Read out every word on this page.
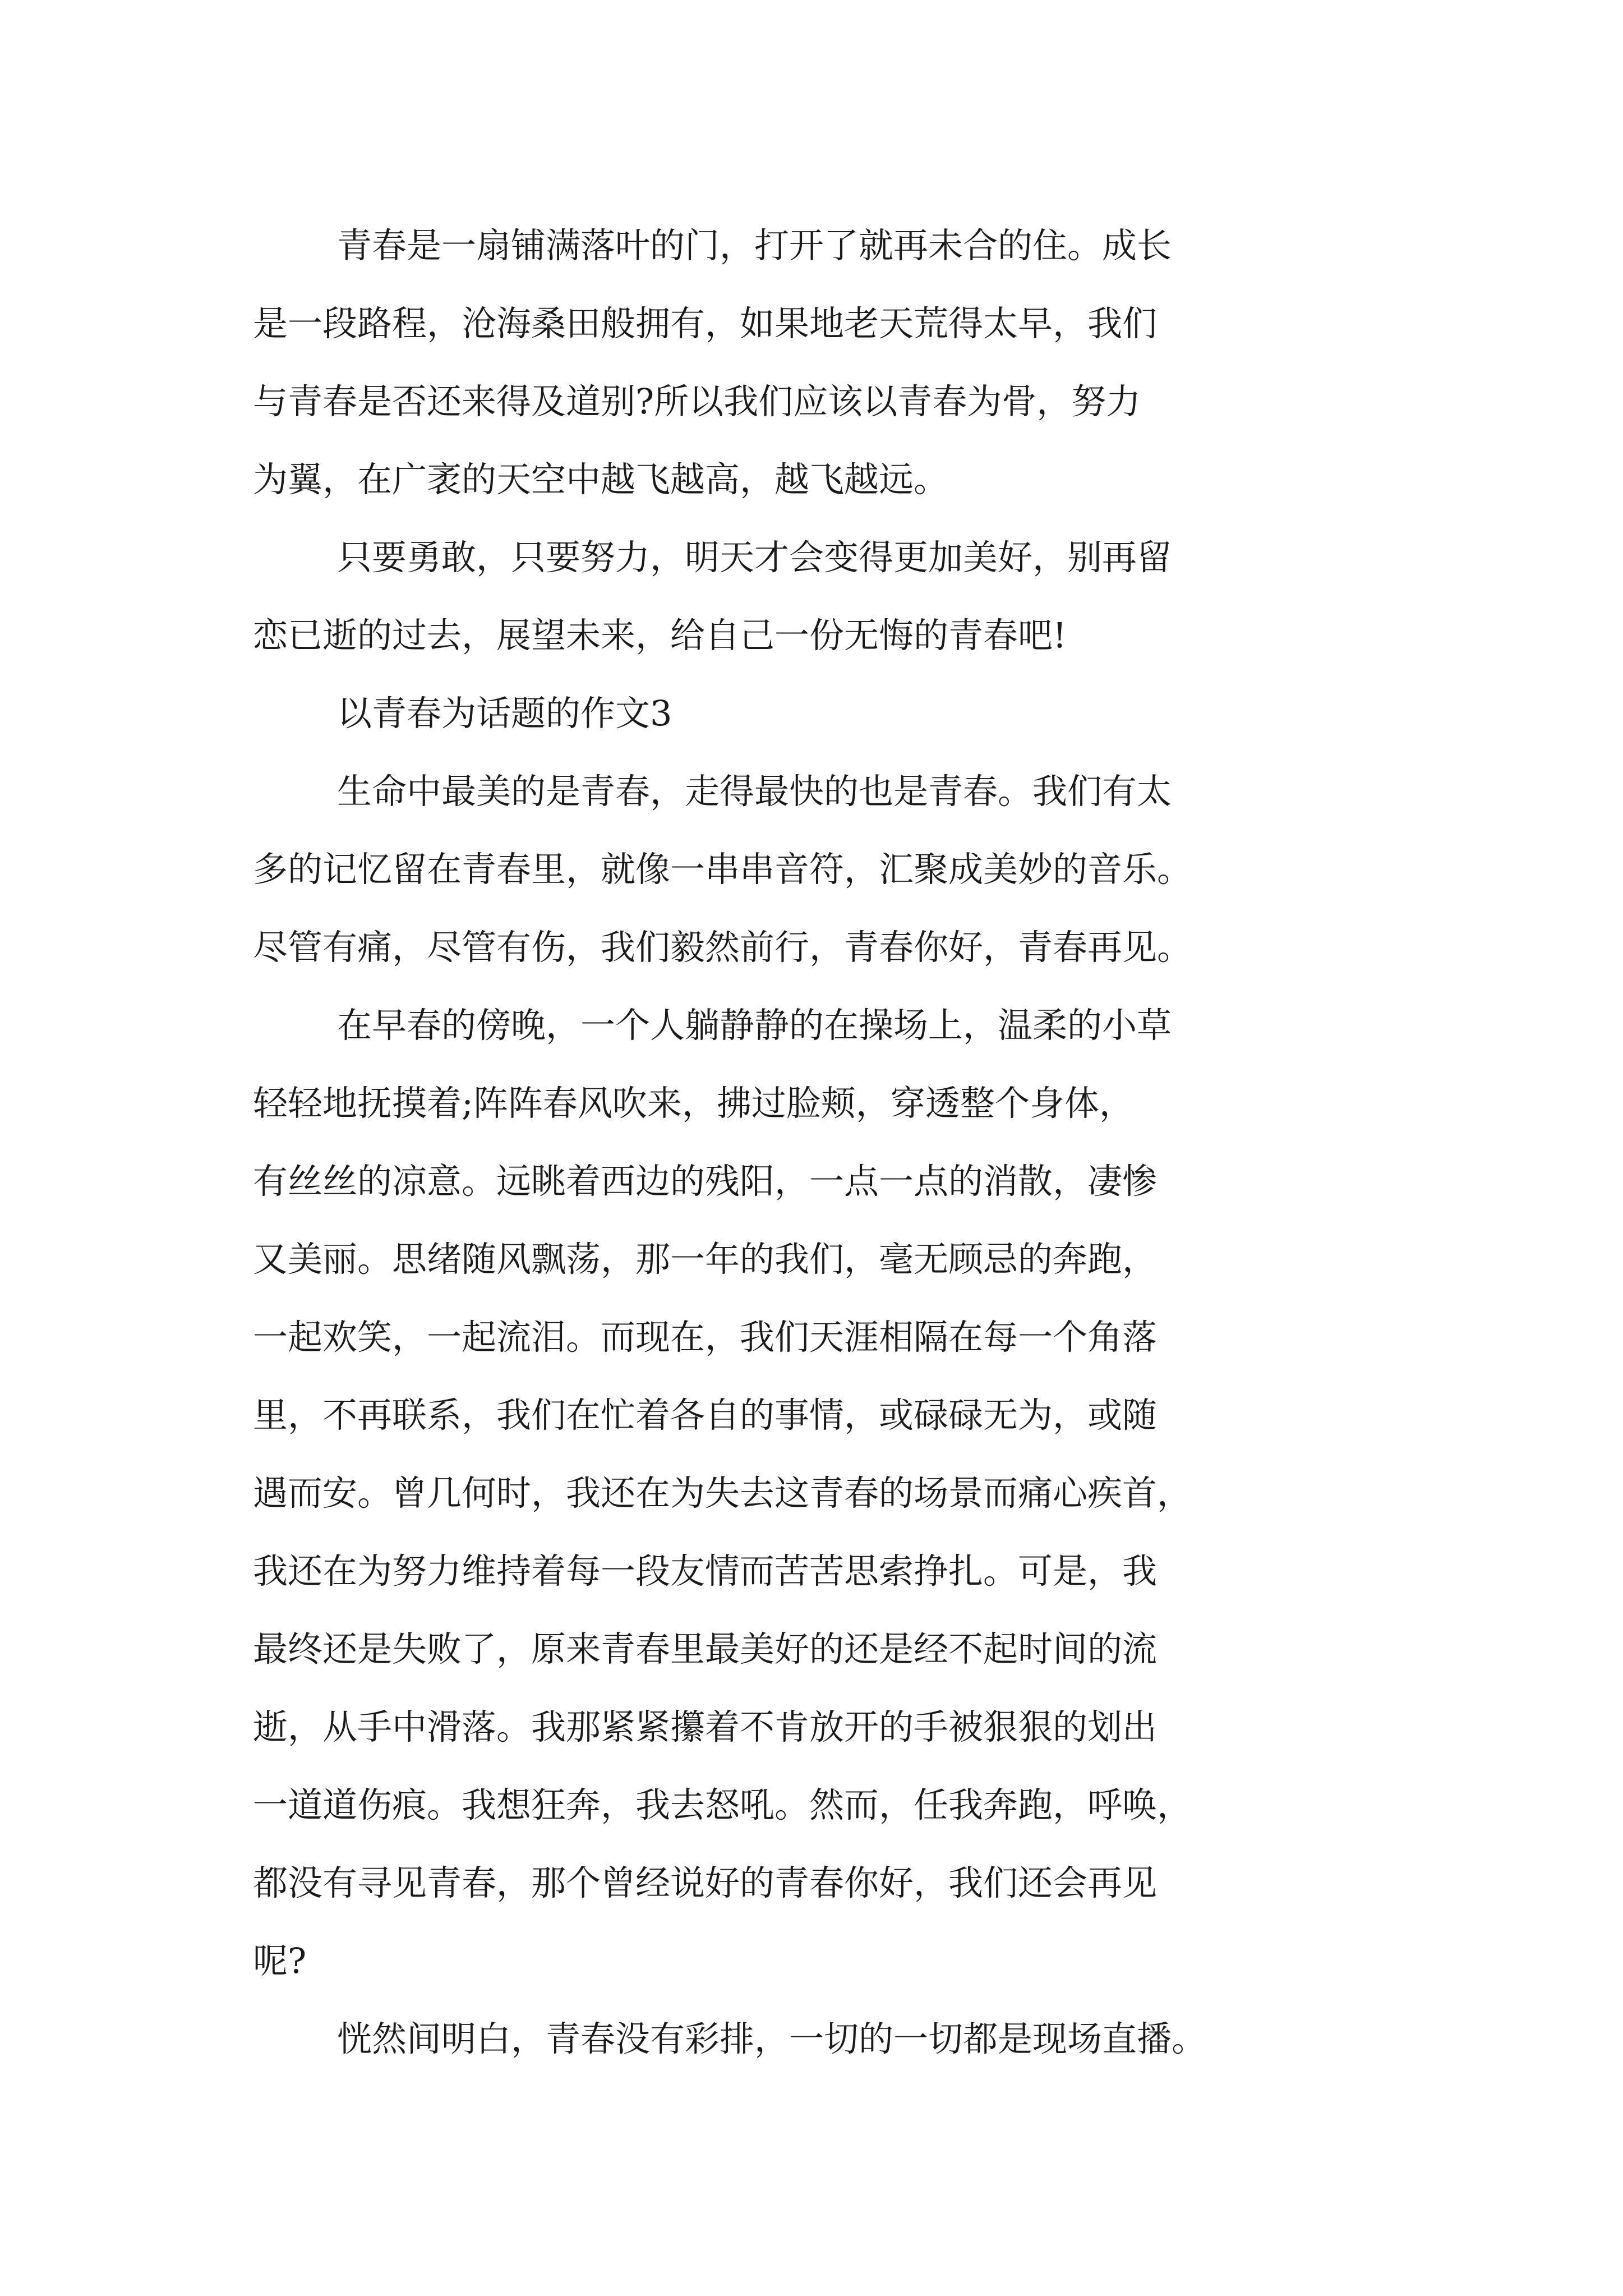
青春是一扇铺满落叶的门，打开了就再未合的住。成长
是一段路程，沧海桑田般拥有，如果地老天荒得太早，我们
与青春是否还来得及道别?所以我们应该以青春为骨，努力
为翼，在广袤的天空中越飞越高，越飞越远。
只要勇敢，只要努力，明天才会变得更加美好，别再留
恋已逝的过去，展望未来，给自己一份无悔的青春吧!
以青春为话题的作文3
生命中最美的是青春，走得最快的也是青春。我们有太
多的记忆留在青春里，就像一串串音符，汇聚成美妙的音乐。
尽管有痛，尽管有伤，我们毅然前行，青春你好，青春再见。
在早春的傍晚，一个人躺静静的在操场上，温柔的小草
轻轻地抚摸着;阵阵春风吹来，拂过脸颊，穿透整个身体，
有丝丝的凉意。远眺着西边的残阳，一点一点的消散，凄惨
又美丽。思绪随风飘荡，那一年的我们，毫无顾忌的奔跑，
一起欢笑，一起流泪。而现在，我们天涯相隔在每一个角落
里，不再联系，我们在忙着各自的事情，或碌碌无为，或随
遇而安。曾几何时，我还在为失去这青春的场景而痛心疾首，
我还在为努力维持着每一段友情而苦苦思索挣扎。可是，我
最终还是失败了，原来青春里最美好的还是经不起时间的流
逝，从手中滑落。我那紧紧攥着不肯放开的手被狠狠的划出
一道道伤痕。我想狂奔，我去怒吼。然而，任我奔跑，呼唤，
都没有寻见青春，那个曾经说好的青春你好，我们还会再见
呢?
恍然间明白，青春没有彩排，一切的一切都是现场直播。
